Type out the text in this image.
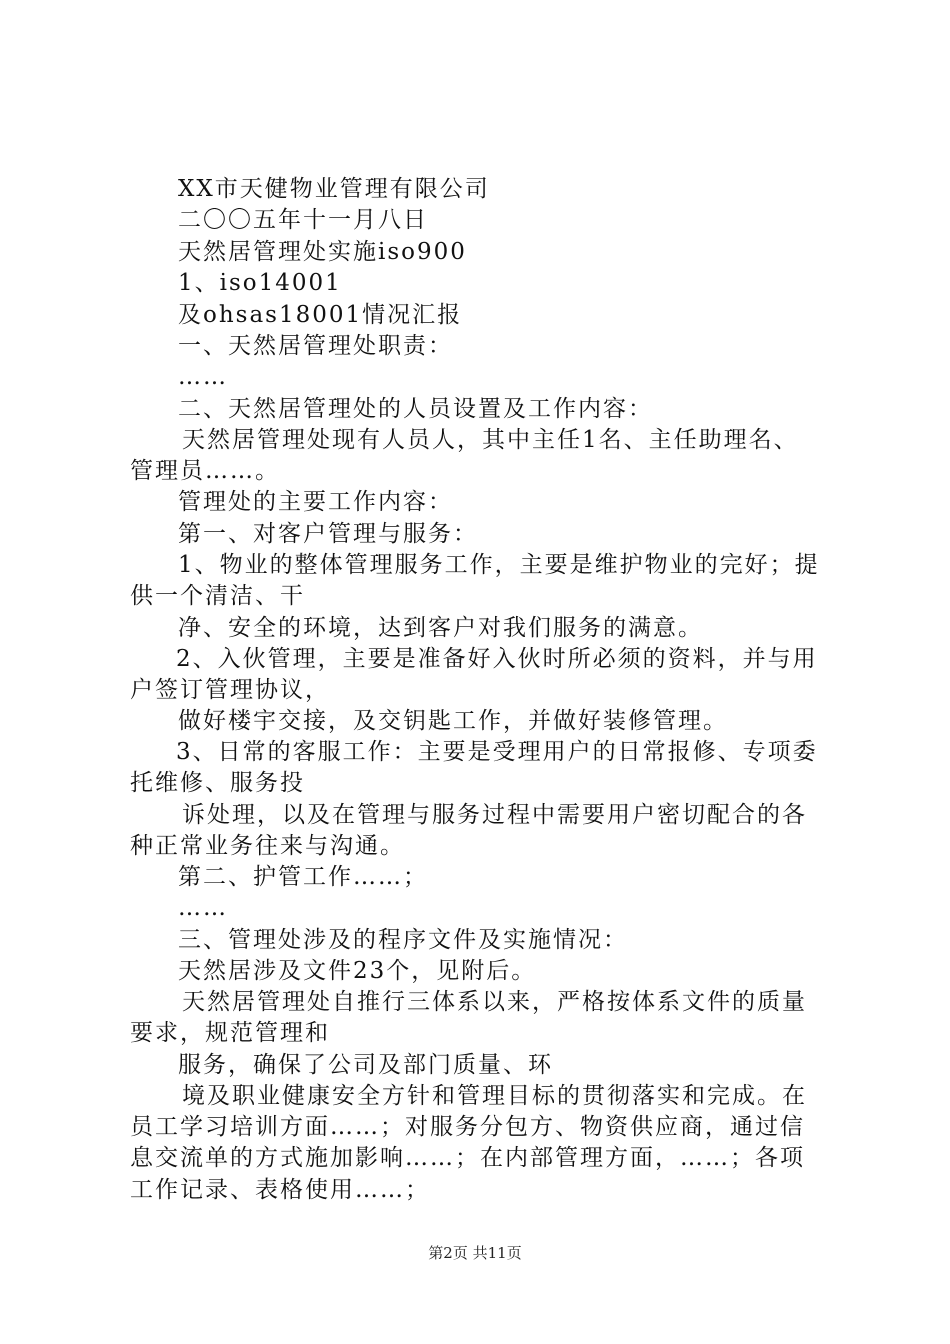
XX市天健物业管理有限公司
二〇〇五年十一月八日
天然居管理处实施iso900
1、iso14001
及ohsas18001情况汇报
一、天然居管理处职责：
……
二、天然居管理处的人员设置及工作内容：
天然居管理处现有人员人，其中主任1名、主任助理名、
管理员……。
管理处的主要工作内容：
第一、对客户管理与服务：
1、物业的整体管理服务工作，主要是维护物业的完好；提
供一个清洁、干
净、安全的环境，达到客户对我们服务的满意。
2、入伙管理，主要是准备好入伙时所必须的资料，并与用
户签订管理协议，
做好楼宇交接，及交钥匙工作，并做好装修管理。
3、日常的客服工作：主要是受理用户的日常报修、专项委
托维修、服务投
诉处理，以及在管理与服务过程中需要用户密切配合的各
种正常业务往来与沟通。
第二、护管工作……；
……
三、管理处涉及的程序文件及实施情况：
天然居涉及文件23个，见附后。
天然居管理处自推行三体系以来，严格按体系文件的质量
要求，规范管理和
服务，确保了公司及部门质量、环
境及职业健康安全方针和管理目标的贯彻落实和完成。在
员工学习培训方面……；对服务分包方、物资供应商，通过信
息交流单的方式施加影响……；在内部管理方面，……；各项
工作记录、表格使用……；
第2页 共11页
